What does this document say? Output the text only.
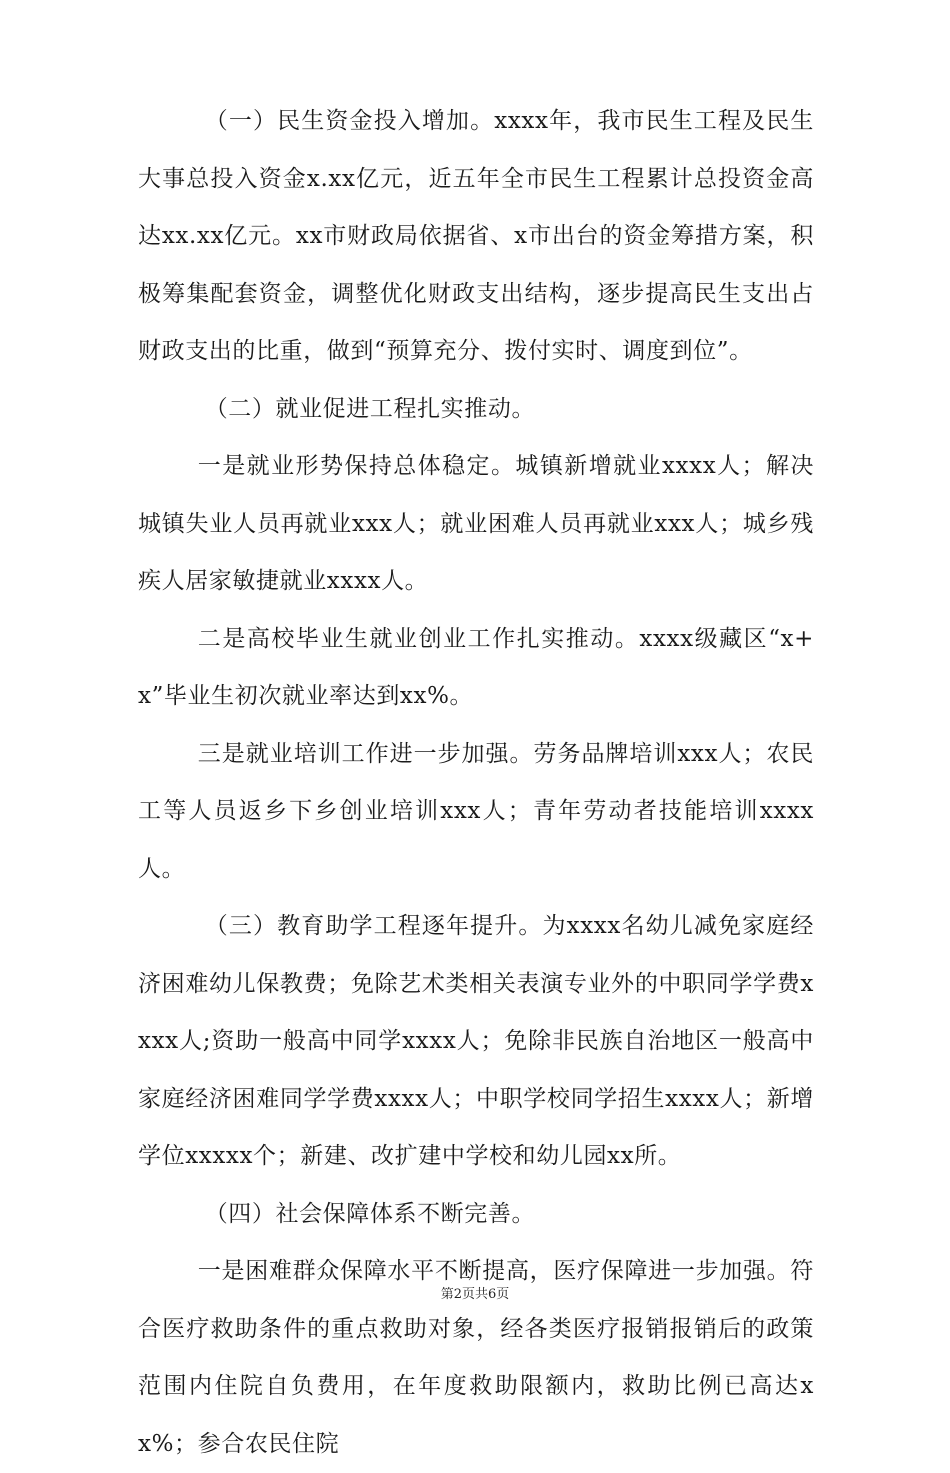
（一）民生资金投入增加。xxxx年，我市民生工程及民生大事总投入资金x.xx亿元，近五年全市民生工程累计总投资金高达xx.xx亿元。xx市财政局依据省、x市出台的资金筹措方案，积极筹集配套资金，调整优化财政支出结构，逐步提高民生支出占财政支出的比重，做到“预算充分、拨付实时、调度到位”。

（二）就业促进工程扎实推动。

一是就业形势保持总体稳定。城镇新增就业xxxx人；解决城镇失业人员再就业xxx人；就业困难人员再就业xxx人；城乡残疾人居家敏捷就业xxxx人。

二是高校毕业生就业创业工作扎实推动。xxxx级藏区“x+x”毕业生初次就业率达到xx%。

三是就业培训工作进一步加强。劳务品牌培训xxx人；农民工等人员返乡下乡创业培训xxx人；青年劳动者技能培训xxxx人。

（三）教育助学工程逐年提升。为xxxx名幼儿减免家庭经济困难幼儿保教费；免除艺术类相关表演专业外的中职同学学费xxxx人;资助一般高中同学xxxx人；免除非民族自治地区一般高中家庭经济困难同学学费xxxx人；中职学校同学招生xxxx人；新增学位xxxxx个；新建、改扩建中学校和幼儿园xx所。

（四）社会保障体系不断完善。

一是困难群众保障水平不断提高，医疗保障进一步加强。符合医疗救助条件的重点救助对象，经各类医疗报销报销后的政策范围内住院自负费用，在年度救助限额内，救助比例已高达xx%；参合农民住院

第2页共6页
